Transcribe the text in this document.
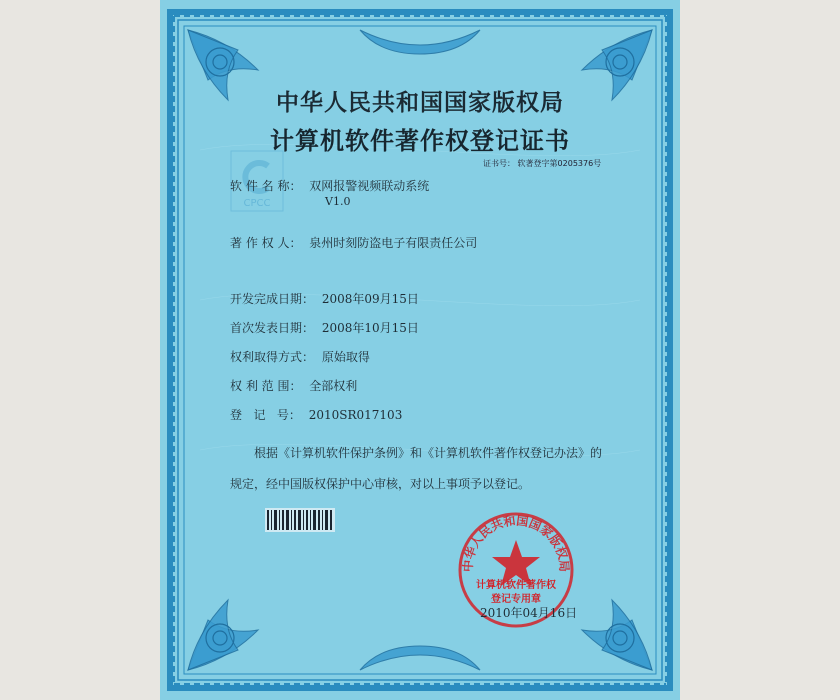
中华人民共和国国家版权局
计算机软件著作权登记证书
证书号： 软著登字第0205376号
CPCC
软 件 名 称： 双网报警视频联动系统
V1.0
著 作 权 人： 泉州时刻防盗电子有限责任公司
开发完成日期： 2008年09月15日
首次发表日期： 2008年10月15日
权利取得方式： 原始取得
权 利 范 围： 全部权利
登   记   号： 2010SR017103
根据《计算机软件保护条例》和《计算机软件著作权登记办法》的
规定，经中国版权保护中心审核，对以上事项予以登记。
中华人民共和国国家版权局
计算机软件著作权
登记专用章
2010年04月16日
